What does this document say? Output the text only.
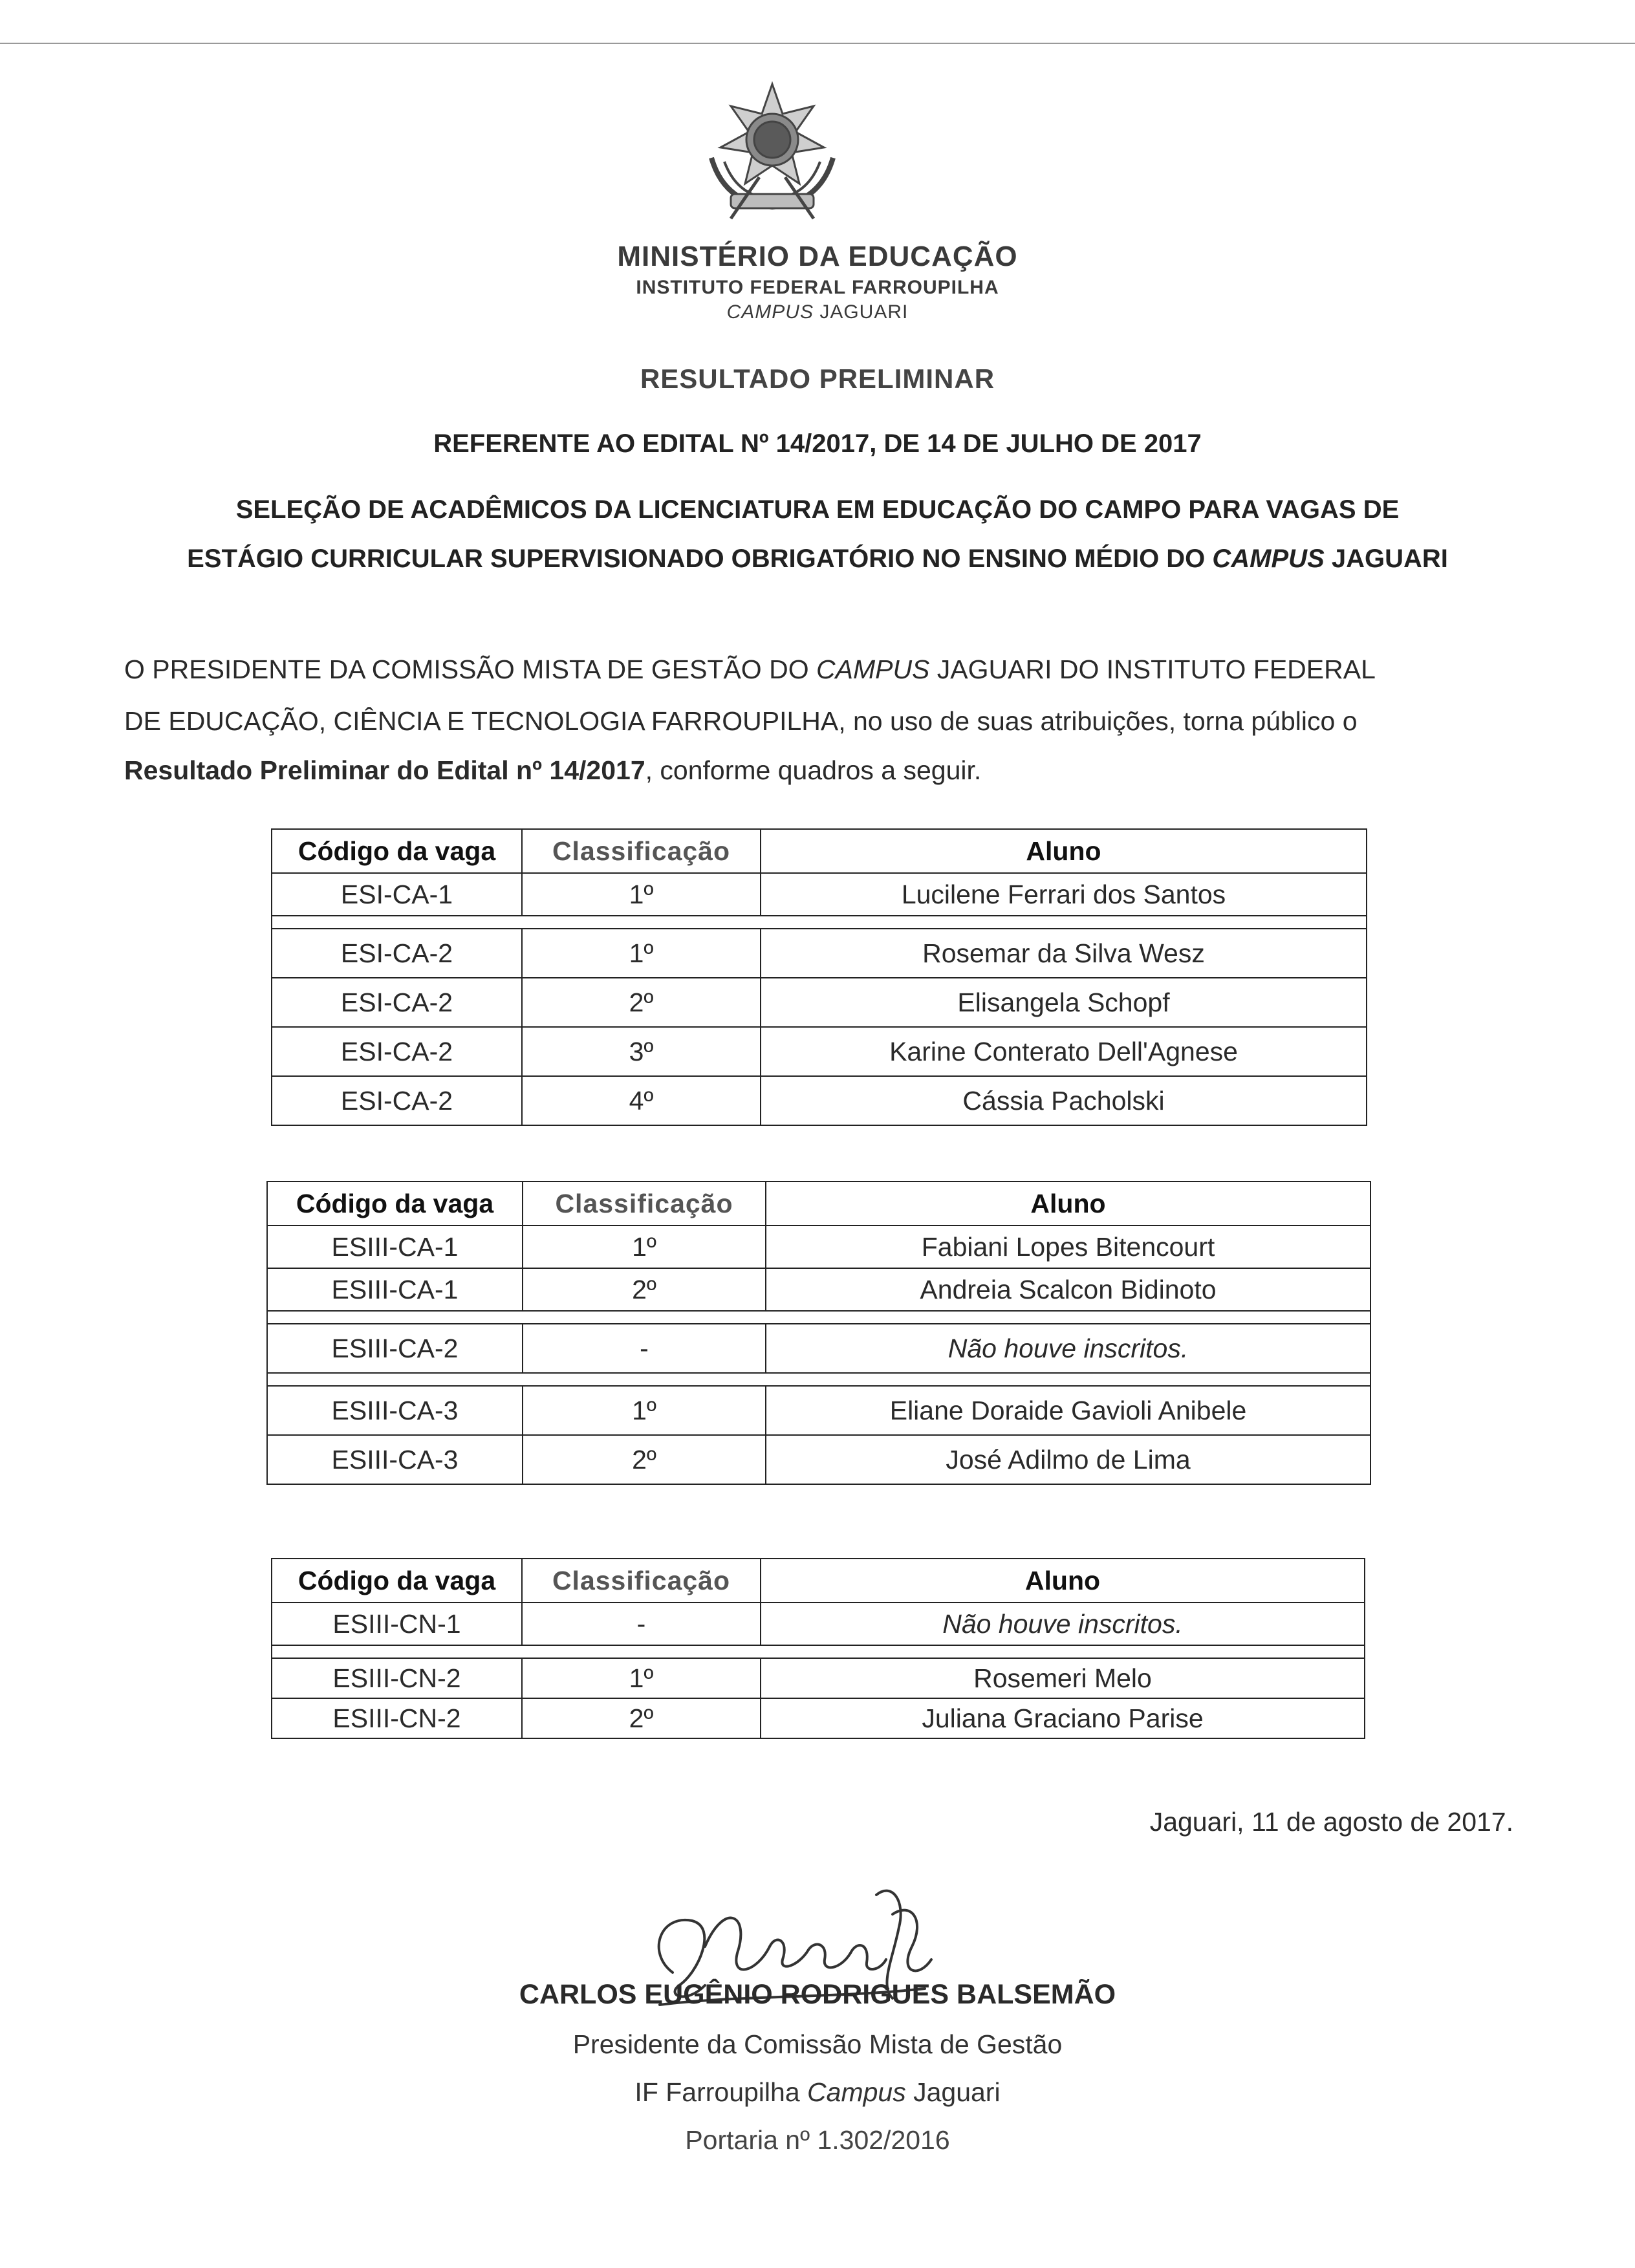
MINISTÉRIO DA EDUCAÇÃO
INSTITUTO FEDERAL FARROUPILHA
CAMPUS JAGUARI
RESULTADO PRELIMINAR
REFERENTE AO EDITAL Nº 14/2017, DE 14 DE JULHO DE 2017
SELEÇÃO DE ACADÊMICOS DA LICENCIATURA EM EDUCAÇÃO DO CAMPO PARA VAGAS DE
ESTÁGIO CURRICULAR SUPERVISIONADO OBRIGATÓRIO NO ENSINO MÉDIO DO CAMPUS JAGUARI
O PRESIDENTE DA COMISSÃO MISTA DE GESTÃO DO CAMPUS JAGUARI DO INSTITUTO FEDERAL
DE EDUCAÇÃO, CIÊNCIA E TECNOLOGIA FARROUPILHA, no uso de suas atribuições, torna público o
Resultado Preliminar do Edital nº 14/2017, conforme quadros a seguir.
Código da vaga	Classificação	Aluno
ESI-CA-1	1º	Lucilene Ferrari dos Santos

ESI-CA-2	1º	Rosemar da Silva Wesz
ESI-CA-2	2º	Elisangela Schopf
ESI-CA-2	3º	Karine Conterato Dell'Agnese
ESI-CA-2	4º	Cássia Pacholski
Código da vaga	Classificação	Aluno
ESIII-CA-1	1º	Fabiani Lopes Bitencourt
ESIII-CA-1	2º	Andreia Scalcon Bidinoto

ESIII-CA-2	-	Não houve inscritos.

ESIII-CA-3	1º	Eliane Doraide Gavioli Anibele
ESIII-CA-3	2º	José Adilmo de Lima
Código da vaga	Classificação	Aluno
ESIII-CN-1	-	Não houve inscritos.

ESIII-CN-2	1º	Rosemeri Melo
ESIII-CN-2	2º	Juliana Graciano Parise
Jaguari, 11 de agosto de 2017.
CARLOS EUGÊNIO RODRIGUES BALSEMÃO
Presidente da Comissão Mista de Gestão
IF Farroupilha Campus Jaguari
Portaria nº 1.302/2016
